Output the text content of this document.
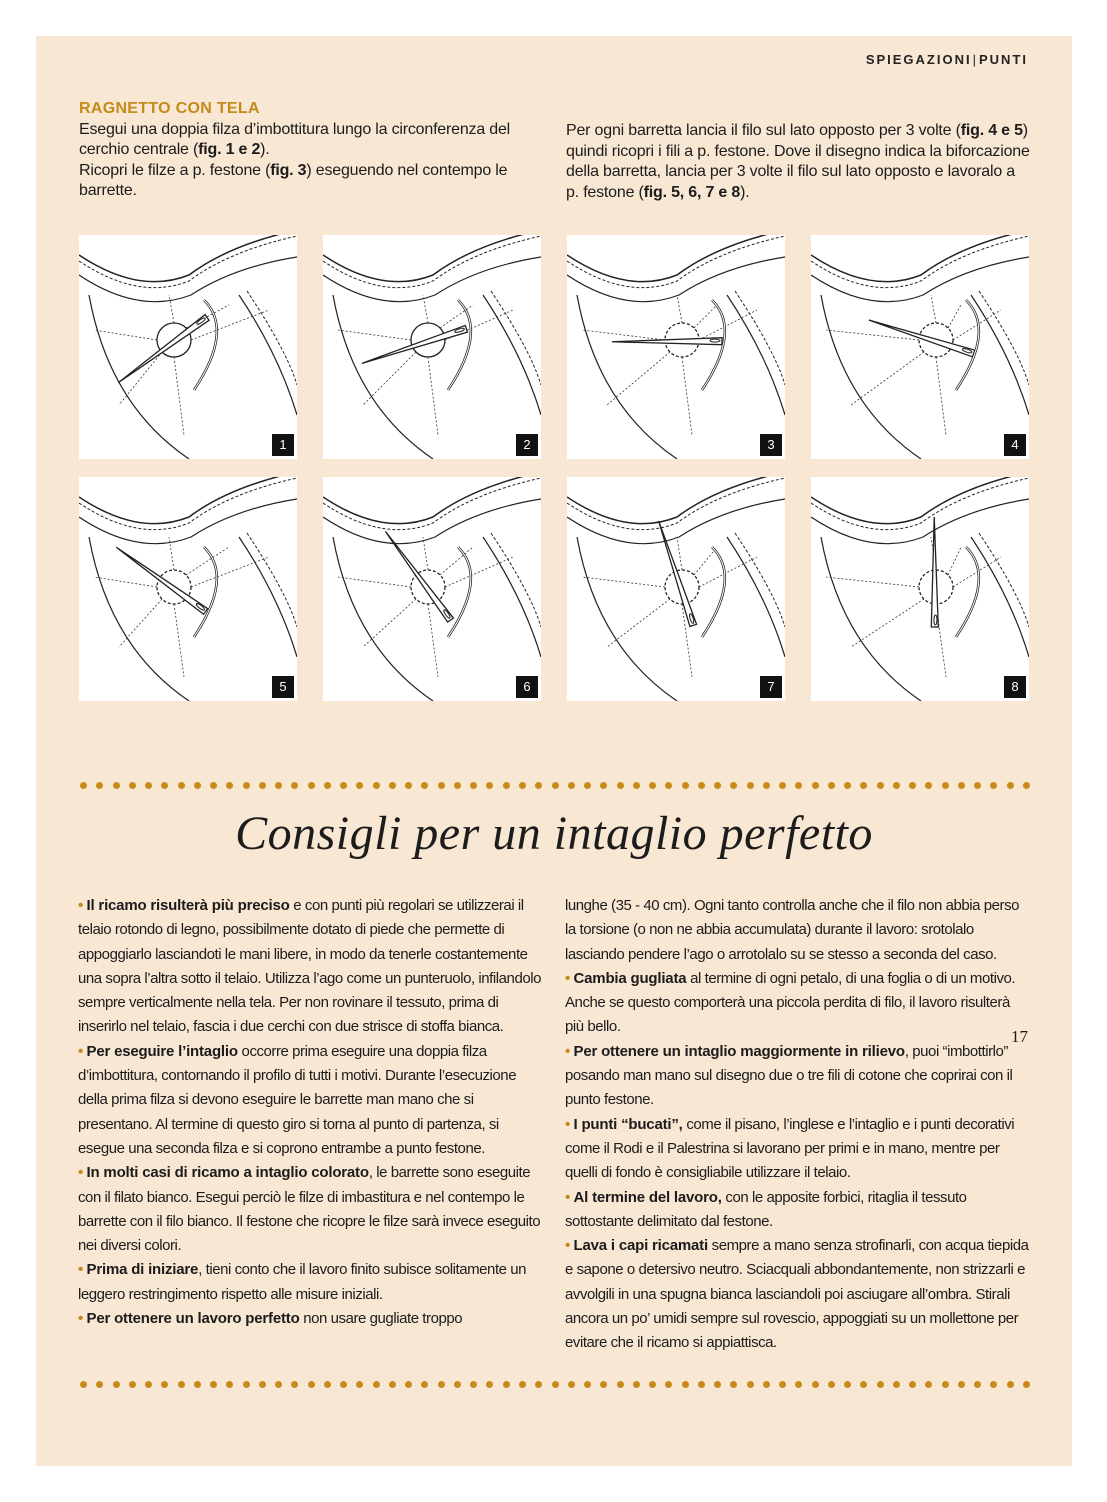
SPIEGAZIONI|PUNTI
RAGNETTO CON TELA
Esegui una doppia filza d’imbottitura lungo la circonferenza del cerchio centrale (fig. 1 e 2).
Ricopri le filze a p. festone (fig. 3) eseguendo nel contempo le barrette.
Per ogni barretta lancia il filo sul lato opposto per 3 volte (fig. 4 e 5) quindi ricopri i fili a p. festone. Dove il disegno indica la biforcazione della barretta, lancia per 3 volte il filo sul lato opposto e lavoralo a p. festone (fig. 5, 6, 7 e 8).
1	2	3	4
5	6	7	8
Consigli per un intaglio perfetto

• Il ricamo risulterà più preciso e con punti più regolari se utilizzerai il telaio rotondo di legno, possibilmente dotato di piede che permette di appoggiarlo lasciandoti le mani libere, in modo da tenerle costantemente una sopra l’altra sotto il telaio. Utilizza l’ago come un punteruolo, infilandolo sempre verticalmente nella tela. Per non rovinare il tessuto, prima di inserirlo nel telaio, fascia i due cerchi con due strisce di stoffa bianca.

• Per eseguire l’intaglio occorre prima eseguire una doppia filza d’imbottitura, contornando il profilo di tutti i motivi. Durante l’esecuzione della prima filza si devono eseguire le barrette man mano che si presentano. Al termine di questo giro si torna al punto di partenza, si esegue una seconda filza e si coprono entrambe a punto festone.

• In molti casi di ricamo a intaglio colorato, le barrette sono eseguite con il filato bianco. Esegui perciò le filze di imbastitura e nel contempo le barrette con il filo bianco. Il festone che ricopre le filze sarà invece eseguito nei diversi colori.

• Prima di iniziare, tieni conto che il lavoro finito subisce solitamente un leggero restringimento rispetto alle misure iniziali.

• Per ottenere un lavoro perfetto non usare gugliate troppo

lunghe (35 - 40 cm). Ogni tanto controlla anche che il filo non abbia perso la torsione (o non ne abbia accumulata) durante il lavoro: srotolalo lasciando pendere l’ago o arrotolalo su se stesso a seconda del caso.

• Cambia gugliata al termine di ogni petalo, di una foglia o di un motivo. Anche se questo comporterà una piccola perdita di filo, il lavoro risulterà più bello.

• Per ottenere un intaglio maggiormente in rilievo, puoi “imbottirlo” posando man mano sul disegno due o tre fili di cotone che coprirai con il punto festone.

• I punti “bucati”, come il pisano, l’inglese e l’intaglio e i punti decorativi come il Rodi e il Palestrina si lavorano per primi e in mano, mentre per quelli di fondo è consigliabile utilizzare il telaio.

• Al termine del lavoro, con le apposite forbici, ritaglia il tessuto sottostante delimitato dal festone.

• Lava i capi ricamati sempre a mano senza strofinarli, con acqua tiepida e sapone o detersivo neutro. Sciacquali abbondantemente, non strizzarli e avvolgili in una spugna bianca lasciandoli poi asciugare all’ombra. Stirali ancora un po’ umidi sempre sul rovescio, appoggiati su un mollettone per evitare che il ricamo si appiattisca.

17
